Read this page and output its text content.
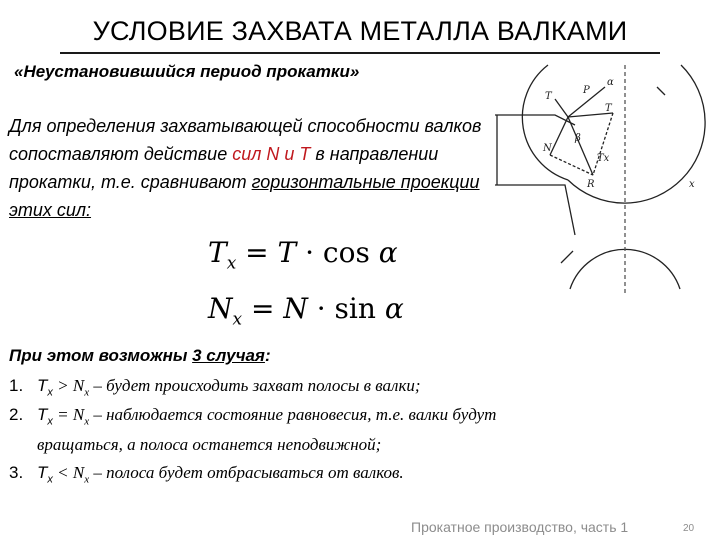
УСЛОВИЕ ЗАХВАТА МЕТАЛЛА ВАЛКАМИ
«Неустановившийся период прокатки»
Для определения захватывающей способности валков сопоставляют действие сил N и T в направлении прокатки, т.е. сравнивают горизонтальные проекции этих сил:
$T_x = T \cdot \cos \alpha$
$N_x = N \cdot \sin \alpha$
При этом возможны 3 случая:
1. $T_x > N_x$ – будет происходить захват полосы в валки;
2. $T_x = N_x$ – наблюдается состояние равновесия, т.е. валки будут
вращаться, а полоса останется неподвижной;
3. $T_x < N_x$ – полоса будет отбрасываться от валков.
T
P
α
T
N
β
Tx
R	x
Прокатное производство, часть 1	20
